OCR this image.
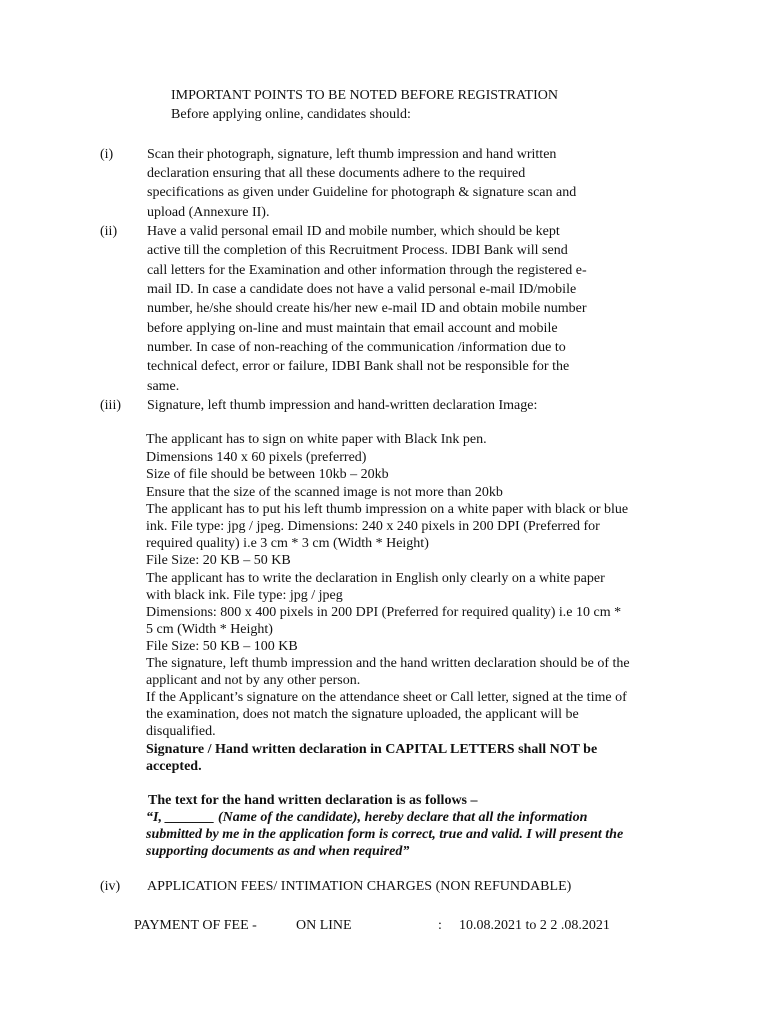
IMPORTANT POINTS TO BE NOTED BEFORE REGISTRATION
Before applying online, candidates should:
(i) Scan their photograph, signature, left thumb impression and hand written
declaration ensuring that all these documents adhere to the required
specifications as given under Guideline for photograph & signature scan and
upload (Annexure II).
(ii) Have a valid personal email ID and mobile number, which should be kept
active till the completion of this Recruitment Process. IDBI Bank will send
call letters for the Examination and other information through the registered e-
mail ID. In case a candidate does not have a valid personal e-mail ID/mobile
number, he/she should create his/her new e-mail ID and obtain mobile number
before applying on-line and must maintain that email account and mobile
number. In case of non-reaching of the communication /information due to
technical defect, error or failure, IDBI Bank shall not be responsible for the
same.
(iii) Signature, left thumb impression and hand-written declaration Image:
The applicant has to sign on white paper with Black Ink pen.
Dimensions 140 x 60 pixels (preferred)
Size of file should be between 10kb – 20kb
Ensure that the size of the scanned image is not more than 20kb
The applicant has to put his left thumb impression on a white paper with black or blue
ink. File type: jpg / jpeg. Dimensions: 240 x 240 pixels in 200 DPI (Preferred for
required quality) i.e 3 cm * 3 cm (Width * Height)
File Size: 20 KB – 50 KB
The applicant has to write the declaration in English only clearly on a white paper
with black ink. File type: jpg / jpeg
Dimensions: 800 x 400 pixels in 200 DPI (Preferred for required quality) i.e 10 cm *
5 cm (Width * Height)
File Size: 50 KB – 100 KB
The signature, left thumb impression and the hand written declaration should be of the
applicant and not by any other person.
If the Applicant’s signature on the attendance sheet or Call letter, signed at the time of
the examination, does not match the signature uploaded, the applicant will be
disqualified.
Signature / Hand written declaration in CAPITAL LETTERS shall NOT be
accepted.
The text for the hand written declaration is as follows –
“I, _______ (Name of the candidate), hereby declare that all the information
submitted by me in the application form is correct, true and valid. I will present the
supporting documents as and when required”
(iv) APPLICATION FEES/ INTIMATION CHARGES (NON REFUNDABLE)
PAYMENT OF FEE -	ON LINE	: 10.08.2021 to 2 2 .08.2021
